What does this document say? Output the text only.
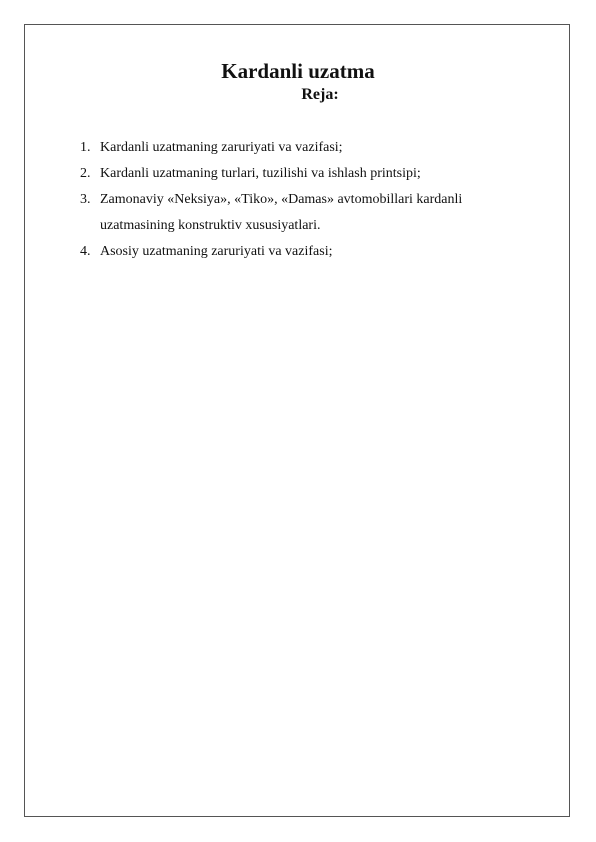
Kardanli uzatma
Reja:
1. Kardanli uzatmaning zaruriyati va vazifasi;
2. Kardanli uzatmaning turlari, tuzilishi va ishlash printsipi;
3. Zamonaviy «Neksiya», «Tiko», «Damas» avtomobillari kardanli uzatmasining konstruktiv xususiyatlari.
4. Asosiy uzatmaning zaruriyati va vazifasi;
